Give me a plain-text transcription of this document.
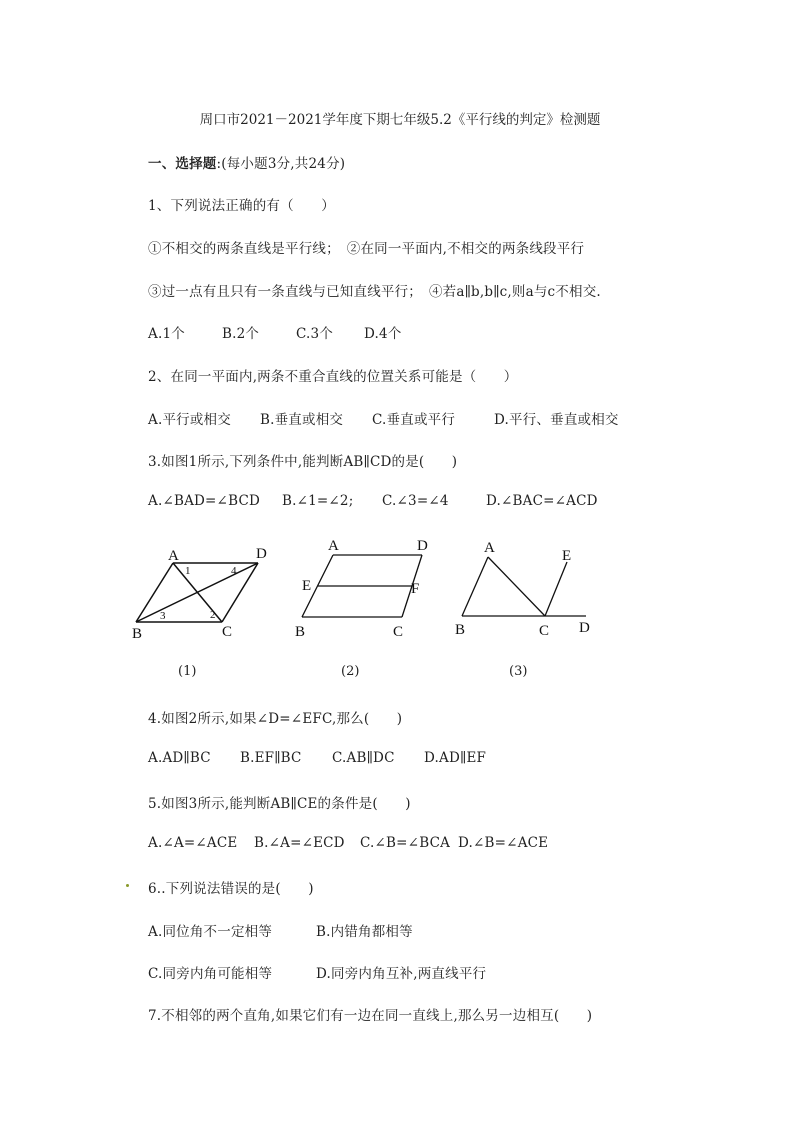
周口市2021－2021学年度下期七年级5.2《平行线的判定》检测题
一、选择题:(每小题3分,共24分)
1、下列说法正确的有（　　）
①不相交的两条直线是平行线；　②在同一平面内,不相交的两条线段平行
③过一点有且只有一条直线与已知直线平行；　④若a∥b,b∥c,则a与c不相交.
A.1个	B.2个	C.3个 D.4个
2、在同一平面内,两条不重合直线的位置关系可能是（　　）
A.平行或相交 B.垂直或相交 C.垂直或平行	D.平行、垂直或相交
3.如图1所示,下列条件中,能判断AB∥CD的是(　　)
A.∠BAD=∠BCD B.∠1=∠2; C.∠3=∠4	D.∠BAC=∠ACD
A	D
B	C
1	4
3	2
(1)
A	D
E	F
B	C
(2)
A	E
B	C D
(3)
4.如图2所示,如果∠D=∠EFC,那么(　　)
A.AD∥BC B.EF∥BC C.AB∥DC D.AD∥EF
5.如图3所示,能判断AB∥CE的条件是(　　)
A.∠A=∠ACE B.∠A=∠ECD C.∠B=∠BCA D.∠B=∠ACE
6..下列说法错误的是(　　)
A.同位角不一定相等	B.内错角都相等
C.同旁内角可能相等	D.同旁内角互补,两直线平行
7.不相邻的两个直角,如果它们有一边在同一直线上,那么另一边相互(　　)
